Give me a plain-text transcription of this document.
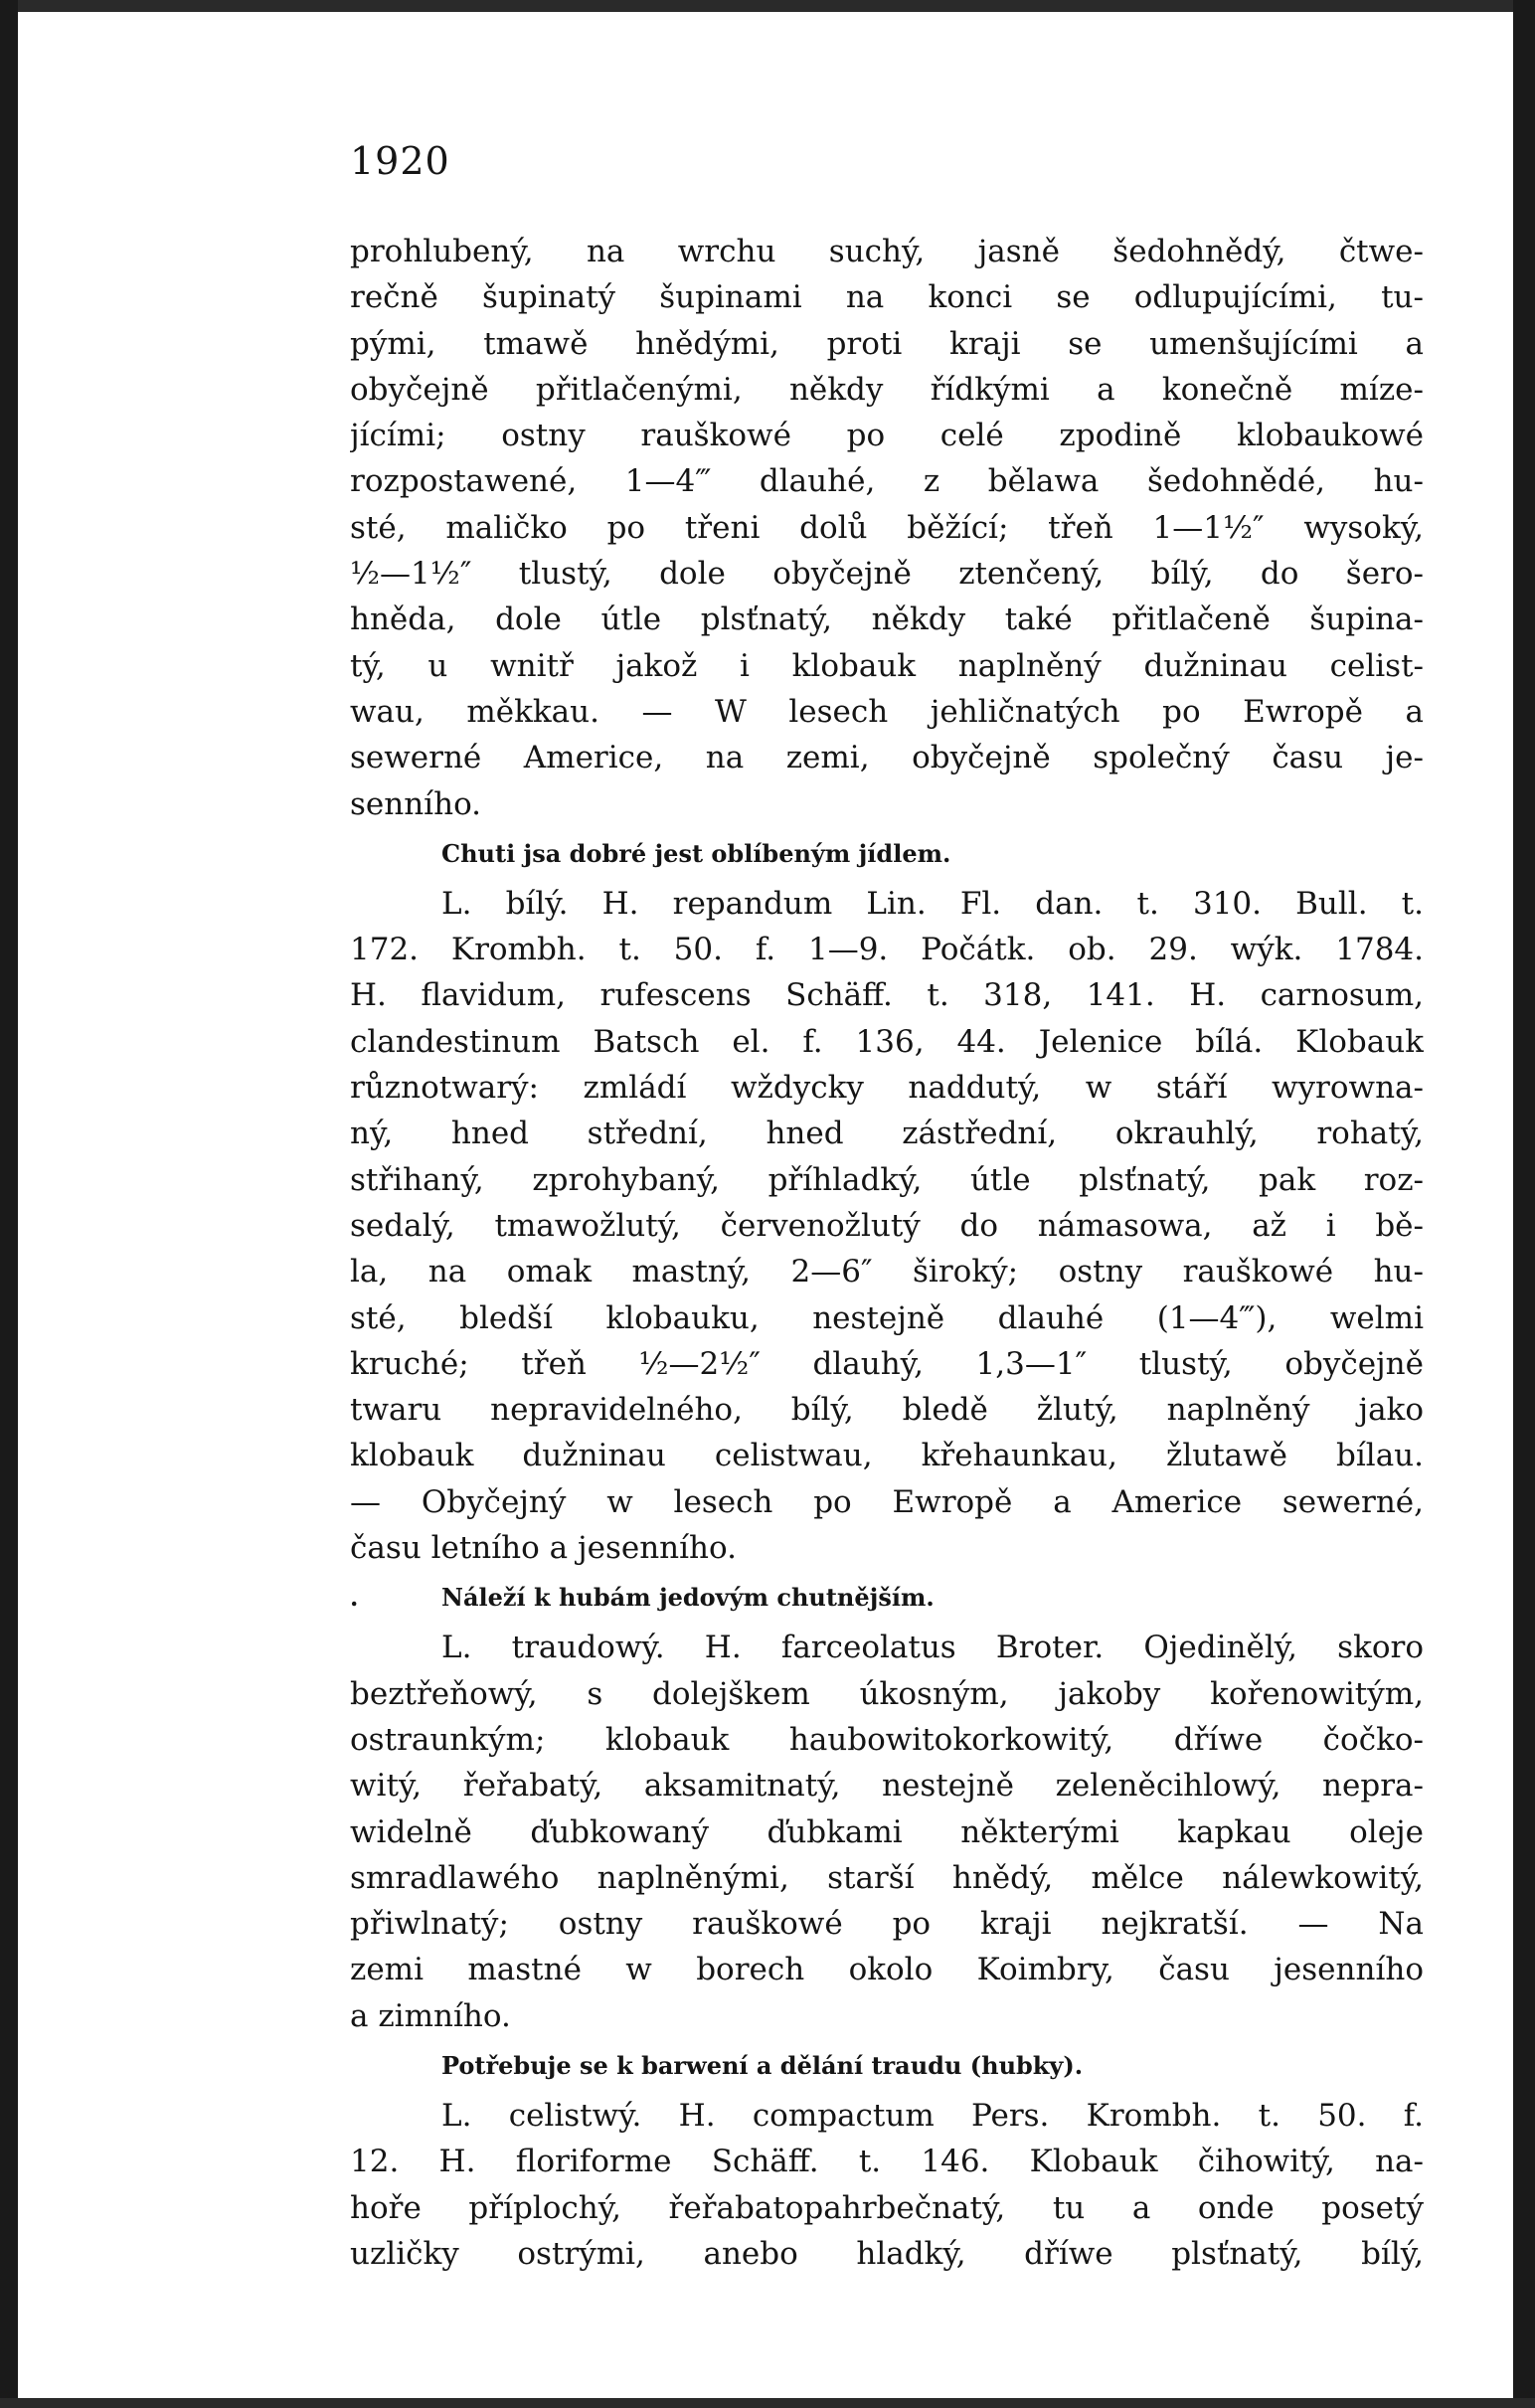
1920
prohlubený, na wrchu suchý, jasně šedohnědý, čtwe-
rečně šupinatý šupinami na konci se odlupujícími, tu-
pými, tmawě hnědými, proti kraji se umenšujícími a
obyčejně přitlačenými, někdy řídkými a konečně míze-
jícími; ostny rauškowé po celé zpodině klobaukowé
rozpostawené, 1—4‴ dlauhé, z bělawa šedohnědé, hu-
sté, maličko po třeni dolů běžící; třeň 1—1½″ wysoký,
½—1½″ tlustý, dole obyčejně ztenčený, bílý, do šero-
hněda, dole útle plsťnatý, někdy také přitlačeně šupina-
tý, u wnitř jakož i klobauk naplněný dužninau celist-
wau, měkkau. — W lesech jehličnatých po Ewropě a
sewerné Americe, na zemi, obyčejně společný času je-
senního.
Chuti jsa dobré jest oblíbeným jídlem.
L. bílý. H. repandum Lin. Fl. dan. t. 310. Bull. t.
172. Krombh. t. 50. f. 1—9. Počátk. ob. 29. wýk. 1784.
H. flavidum, rufescens Schäff. t. 318, 141. H. carnosum,
clandestinum Batsch el. f. 136, 44. Jelenice bílá. Klobauk
různotwarý: zmládí wždycky naddutý, w stáří wyrowna-
ný, hned střední, hned zástřední, okrauhlý, rohatý,
střihaný, zprohybaný, příhladký, útle plsťnatý, pak roz-
sedalý, tmawožlutý, červenožlutý do námasowa, až i bě-
la, na omak mastný, 2—6″ široký; ostny rauškowé hu-
sté, bledší klobauku, nestejně dlauhé (1—4‴), welmi
kruché; třeň ½—2½″ dlauhý, 1,3—1″ tlustý, obyčejně
twaru nepravidelného, bílý, bledě žlutý, naplněný jako
klobauk dužninau celistwau, křehaunkau, žlutawě bílau.
— Obyčejný w lesech po Ewropě a Americe sewerné,
času letního a jesenního.
.	Náleží k hubám jedovým chutnějším.
L. traudowý. H. farceolatus Broter. Ojedinělý, skoro
beztřeňowý, s dolejškem úkosným, jakoby kořenowitým,
ostraunkým; klobauk haubowitokorkowitý, dříwe čočko-
witý, řeřabatý, aksamitnatý, nestejně zeleněcihlowý, nepra-
widelně ďubkowaný ďubkami některými kapkau oleje
smradlawého naplněnými, starší hnědý, mělce nálewkowitý,
přiwlnatý; ostny rauškowé po kraji nejkratší. — Na
zemi mastné w borech okolo Koimbry, času jesenního
a zimního.
Potřebuje se k barwení a dělání traudu (hubky).
L. celistwý. H. compactum Pers. Krombh. t. 50. f.
12. H. floriforme Schäff. t. 146. Klobauk čihowitý, na-
hoře příplochý, řeřabatopahrbečnatý, tu a onde posetý
uzličky ostrými, anebo hladký, dříwe plsťnatý, bílý,
